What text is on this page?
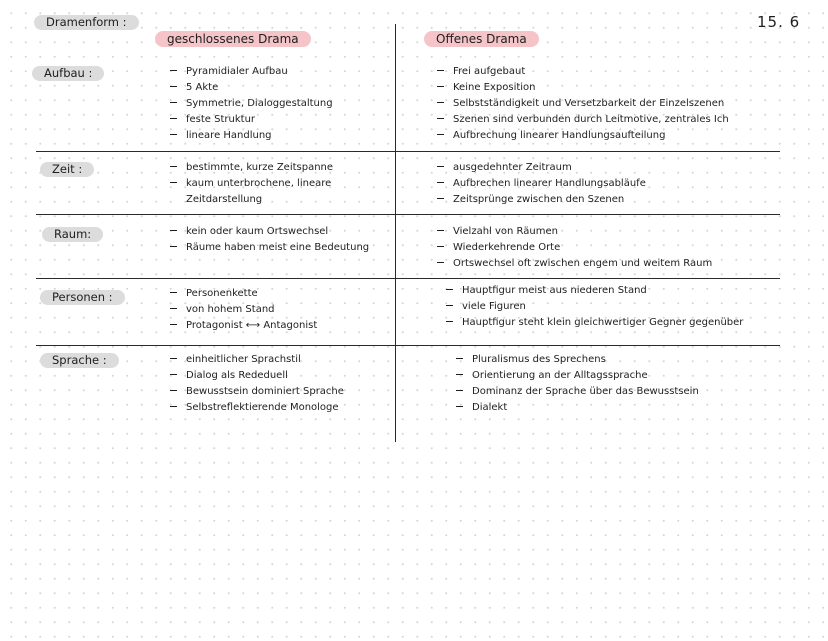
Dramenform :	15. 6
geschlossenes Drama	Offenes Drama
Aufbau :
Zeit :
Raum:
Personen :
Sprache :
Pyramidialer Aufbau
5 Akte
Symmetrie, Dialoggestaltung
feste Struktur
lineare Handlung
Frei aufgebaut
Keine Exposition
Selbstständigkeit und Versetzbarkeit der Einzelszenen
Szenen sind verbunden durch Leitmotive, zentrales Ich
Aufbrechung linearer Handlungsaufteilung
bestimmte, kurze Zeitspanne
kaum unterbrochene, lineare
Zeitdarstellung
ausgedehnter Zeitraum
Aufbrechen linearer Handlungsabläufe
Zeitsprünge zwischen den Szenen
kein oder kaum Ortswechsel
Räume haben meist eine Bedeutung
Vielzahl von Räumen
Wiederkehrende Orte
Ortswechsel oft zwischen engem und weitem Raum
Personenkette
von hohem Stand
Protagonist ⟷ Antagonist
Hauptfigur meist aus niederen Stand
viele Figuren
Hauptfigur steht klein gleichwertiger Gegner gegenüber
einheitlicher Sprachstil
Dialog als Rededuell
Bewusstsein dominiert Sprache
Selbstreflektierende Monologe
Pluralismus des Sprechens
Orientierung an der Alltagssprache
Dominanz der Sprache über das Bewusstsein
Dialekt
